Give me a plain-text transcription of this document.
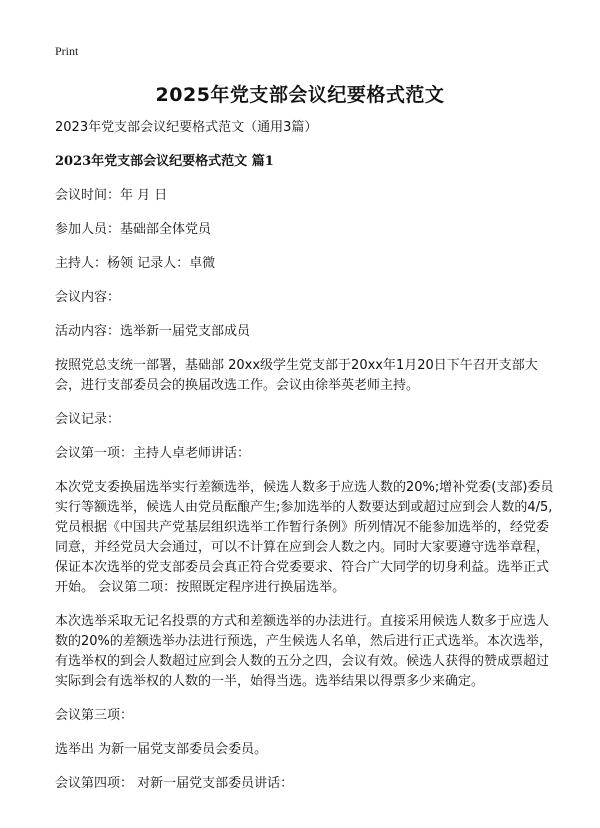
Print
2025年党支部会议纪要格式范文

2023年党支部会议纪要格式范文（通用3篇）

2023年党支部会议纪要格式范文 篇1

会议时间：年 月 日

参加人员：基础部全体党员

主持人：杨领 记录人：卓微

会议内容：

活动内容：选举新一届党支部成员

按照党总支统一部署，基础部 20xx级学生党支部于20xx年1月20日下午召开支部大会，进行支部委员会的换届改选工作。会议由徐举英老师主持。

会议记录：

会议第一项：主持人卓老师讲话：

本次党支委换届选举实行差额选举，候选人数多于应选人数的20%;增补党委(支部)委员实行等额选举，候选人由党员酝酿产生;参加选举的人数要达到或超过应到会人数的4/5,党员根据《中国共产党基层组织选举工作暂行条例》所列情况不能参加选举的，经党委同意，并经党员大会通过，可以不计算在应到会人数之内。同时大家要遵守选举章程，保证本次选举的党支部委员会真正符合党委要求、符合广大同学的切身利益。选举正式开始。 会议第二项：按照既定程序进行换届选举。

本次选举采取无记名投票的方式和差额选举的办法进行。直接采用候选人数多于应选人数的20%的差额选举办法进行预选，产生候选人名单，然后进行正式选举。本次选举，有选举权的到会人数超过应到会人数的五分之四，会议有效。候选人获得的赞成票超过实际到会有选举权的人数的一半，始得当选。选举结果以得票多少来确定。

会议第三项：

选举出 为新一届党支部委员会委员。

会议第四项： 对新一届党支部委员讲话：
